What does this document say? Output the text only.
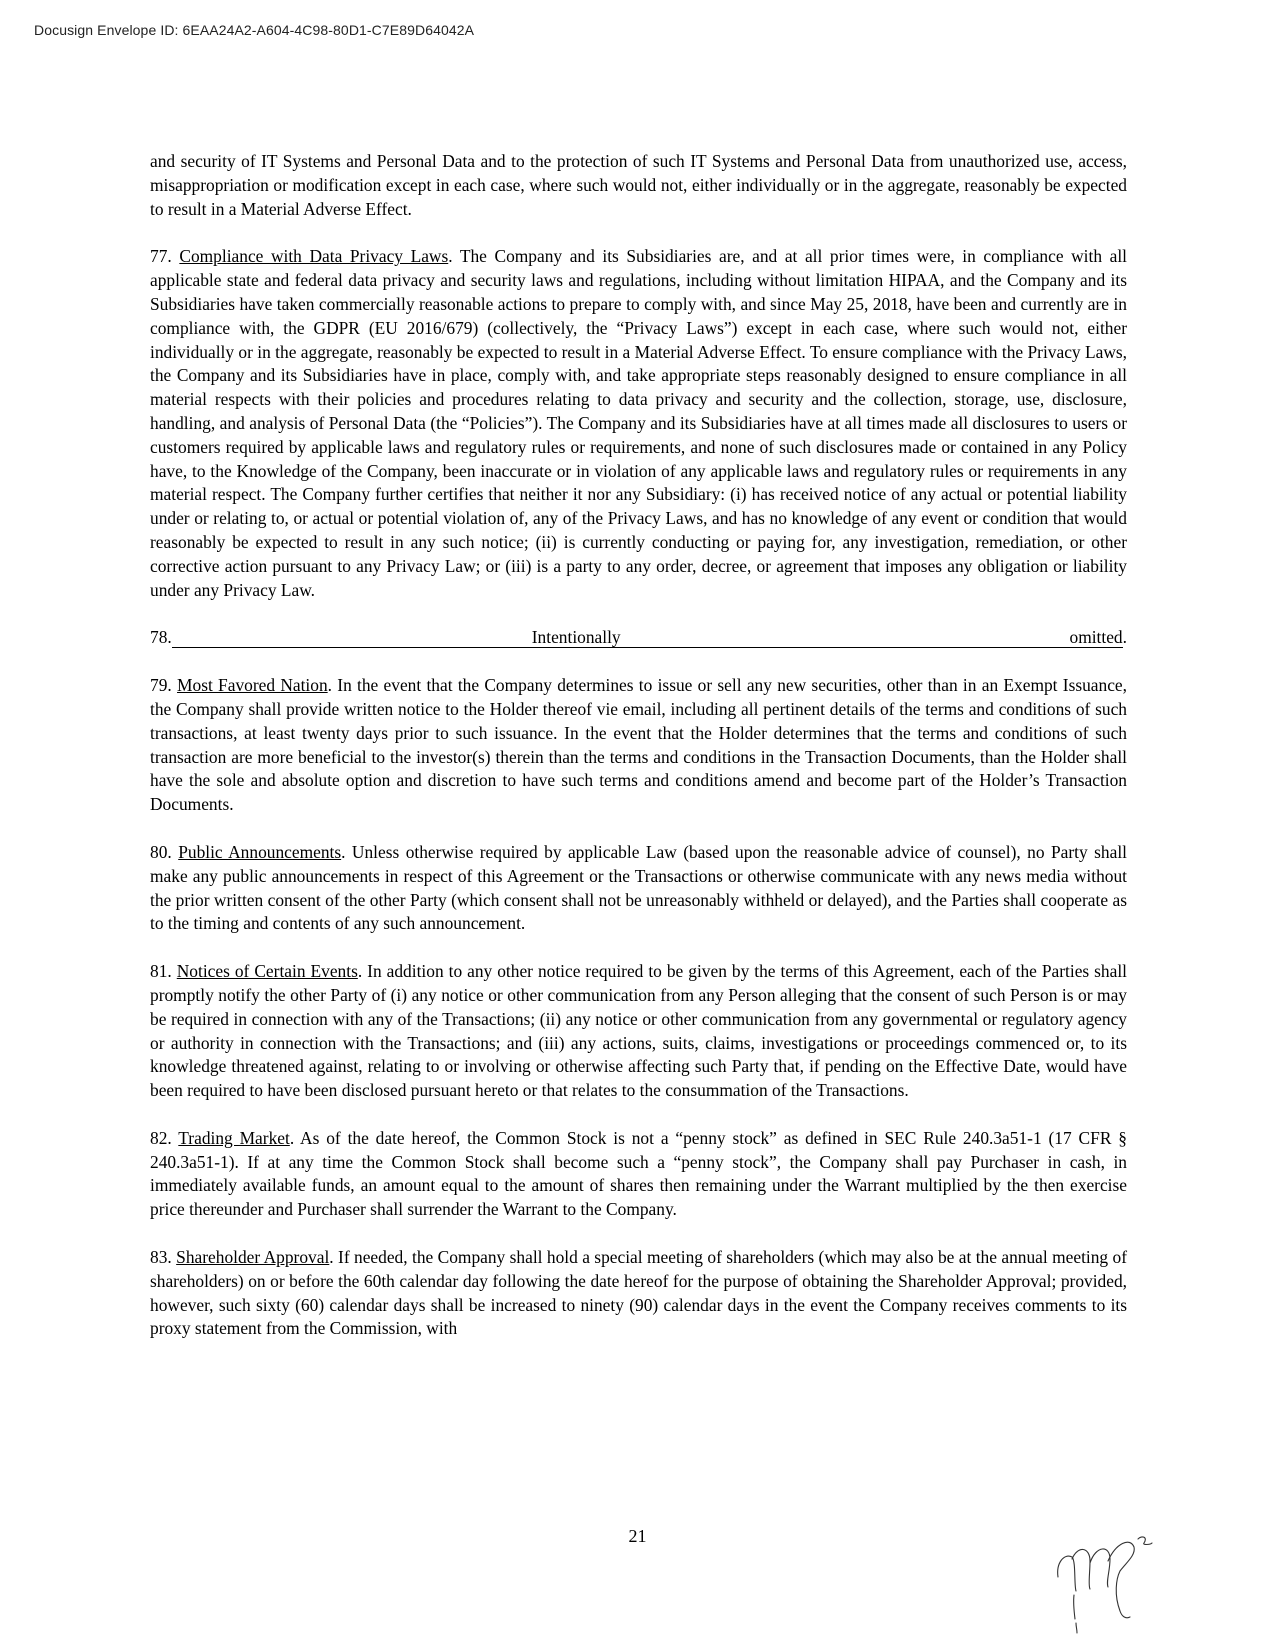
Docusign Envelope ID: 6EAA24A2-A604-4C98-80D1-C7E89D64042A

and security of IT Systems and Personal Data and to the protection of such IT Systems and Personal Data from unauthorized use, access, misappropriation or modification except in each case, where such would not, either individually or in the aggregate, reasonably be expected to result in a Material Adverse Effect.

77. Compliance with Data Privacy Laws. The Company and its Subsidiaries are, and at all prior times were, in compliance with all applicable state and federal data privacy and security laws and regulations, including without limitation HIPAA, and the Company and its Subsidiaries have taken commercially reasonable actions to prepare to comply with, and since May 25, 2018, have been and currently are in compliance with, the GDPR (EU 2016/679) (collectively, the “Privacy Laws”) except in each case, where such would not, either individually or in the aggregate, reasonably be expected to result in a Material Adverse Effect. To ensure compliance with the Privacy Laws, the Company and its Subsidiaries have in place, comply with, and take appropriate steps reasonably designed to ensure compliance in all material respects with their policies and procedures relating to data privacy and security and the collection, storage, use, disclosure, handling, and analysis of Personal Data (the “Policies”). The Company and its Subsidiaries have at all times made all disclosures to users or customers required by applicable laws and regulatory rules or requirements, and none of such disclosures made or contained in any Policy have, to the Knowledge of the Company, been inaccurate or in violation of any applicable laws and regulatory rules or requirements in any material respect. The Company further certifies that neither it nor any Subsidiary: (i) has received notice of any actual or potential liability under or relating to, or actual or potential violation of, any of the Privacy Laws, and has no knowledge of any event or condition that would reasonably be expected to result in any such notice; (ii) is currently conducting or paying for, any investigation, remediation, or other corrective action pursuant to any Privacy Law; or (iii) is a party to any order, decree, or agreement that imposes any obligation or liability under any Privacy Law.

78.	Intentionally	omitted .

79. Most Favored Nation. In the event that the Company determines to issue or sell any new securities, other than in an Exempt Issuance, the Company shall provide written notice to the Holder thereof vie email, including all pertinent details of the terms and conditions of such transactions, at least twenty days prior to such issuance. In the event that the Holder determines that the terms and conditions of such transaction are more beneficial to the investor(s) therein than the terms and conditions in the Transaction Documents, than the Holder shall have the sole and absolute option and discretion to have such terms and conditions amend and become part of the Holder’s Transaction Documents.

80. Public Announcements. Unless otherwise required by applicable Law (based upon the reasonable advice of counsel), no Party shall make any public announcements in respect of this Agreement or the Transactions or otherwise communicate with any news media without the prior written consent of the other Party (which consent shall not be unreasonably withheld or delayed), and the Parties shall cooperate as to the timing and contents of any such announcement.

81. Notices of Certain Events. In addition to any other notice required to be given by the terms of this Agreement, each of the Parties shall promptly notify the other Party of (i) any notice or other communication from any Person alleging that the consent of such Person is or may be required in connection with any of the Transactions; (ii) any notice or other communication from any governmental or regulatory agency or authority in connection with the Transactions; and (iii) any actions, suits, claims, investigations or proceedings commenced or, to its knowledge threatened against, relating to or involving or otherwise affecting such Party that, if pending on the Effective Date, would have been required to have been disclosed pursuant hereto or that relates to the consummation of the Transactions.

82. Trading Market. As of the date hereof, the Common Stock is not a “penny stock” as defined in SEC Rule 240.3a51-1 (17 CFR § 240.3a51-1). If at any time the Common Stock shall become such a “penny stock”, the Company shall pay Purchaser in cash, in immediately available funds, an amount equal to the amount of shares then remaining under the Warrant multiplied by the then exercise price thereunder and Purchaser shall surrender the Warrant to the Company.

83. Shareholder Approval. If needed, the Company shall hold a special meeting of shareholders (which may also be at the annual meeting of shareholders) on or before the 60th calendar day following the date hereof for the purpose of obtaining the Shareholder Approval; provided, however, such sixty (60) calendar days shall be increased to ninety (90) calendar days in the event the Company receives comments to its proxy statement from the Commission, with

21
